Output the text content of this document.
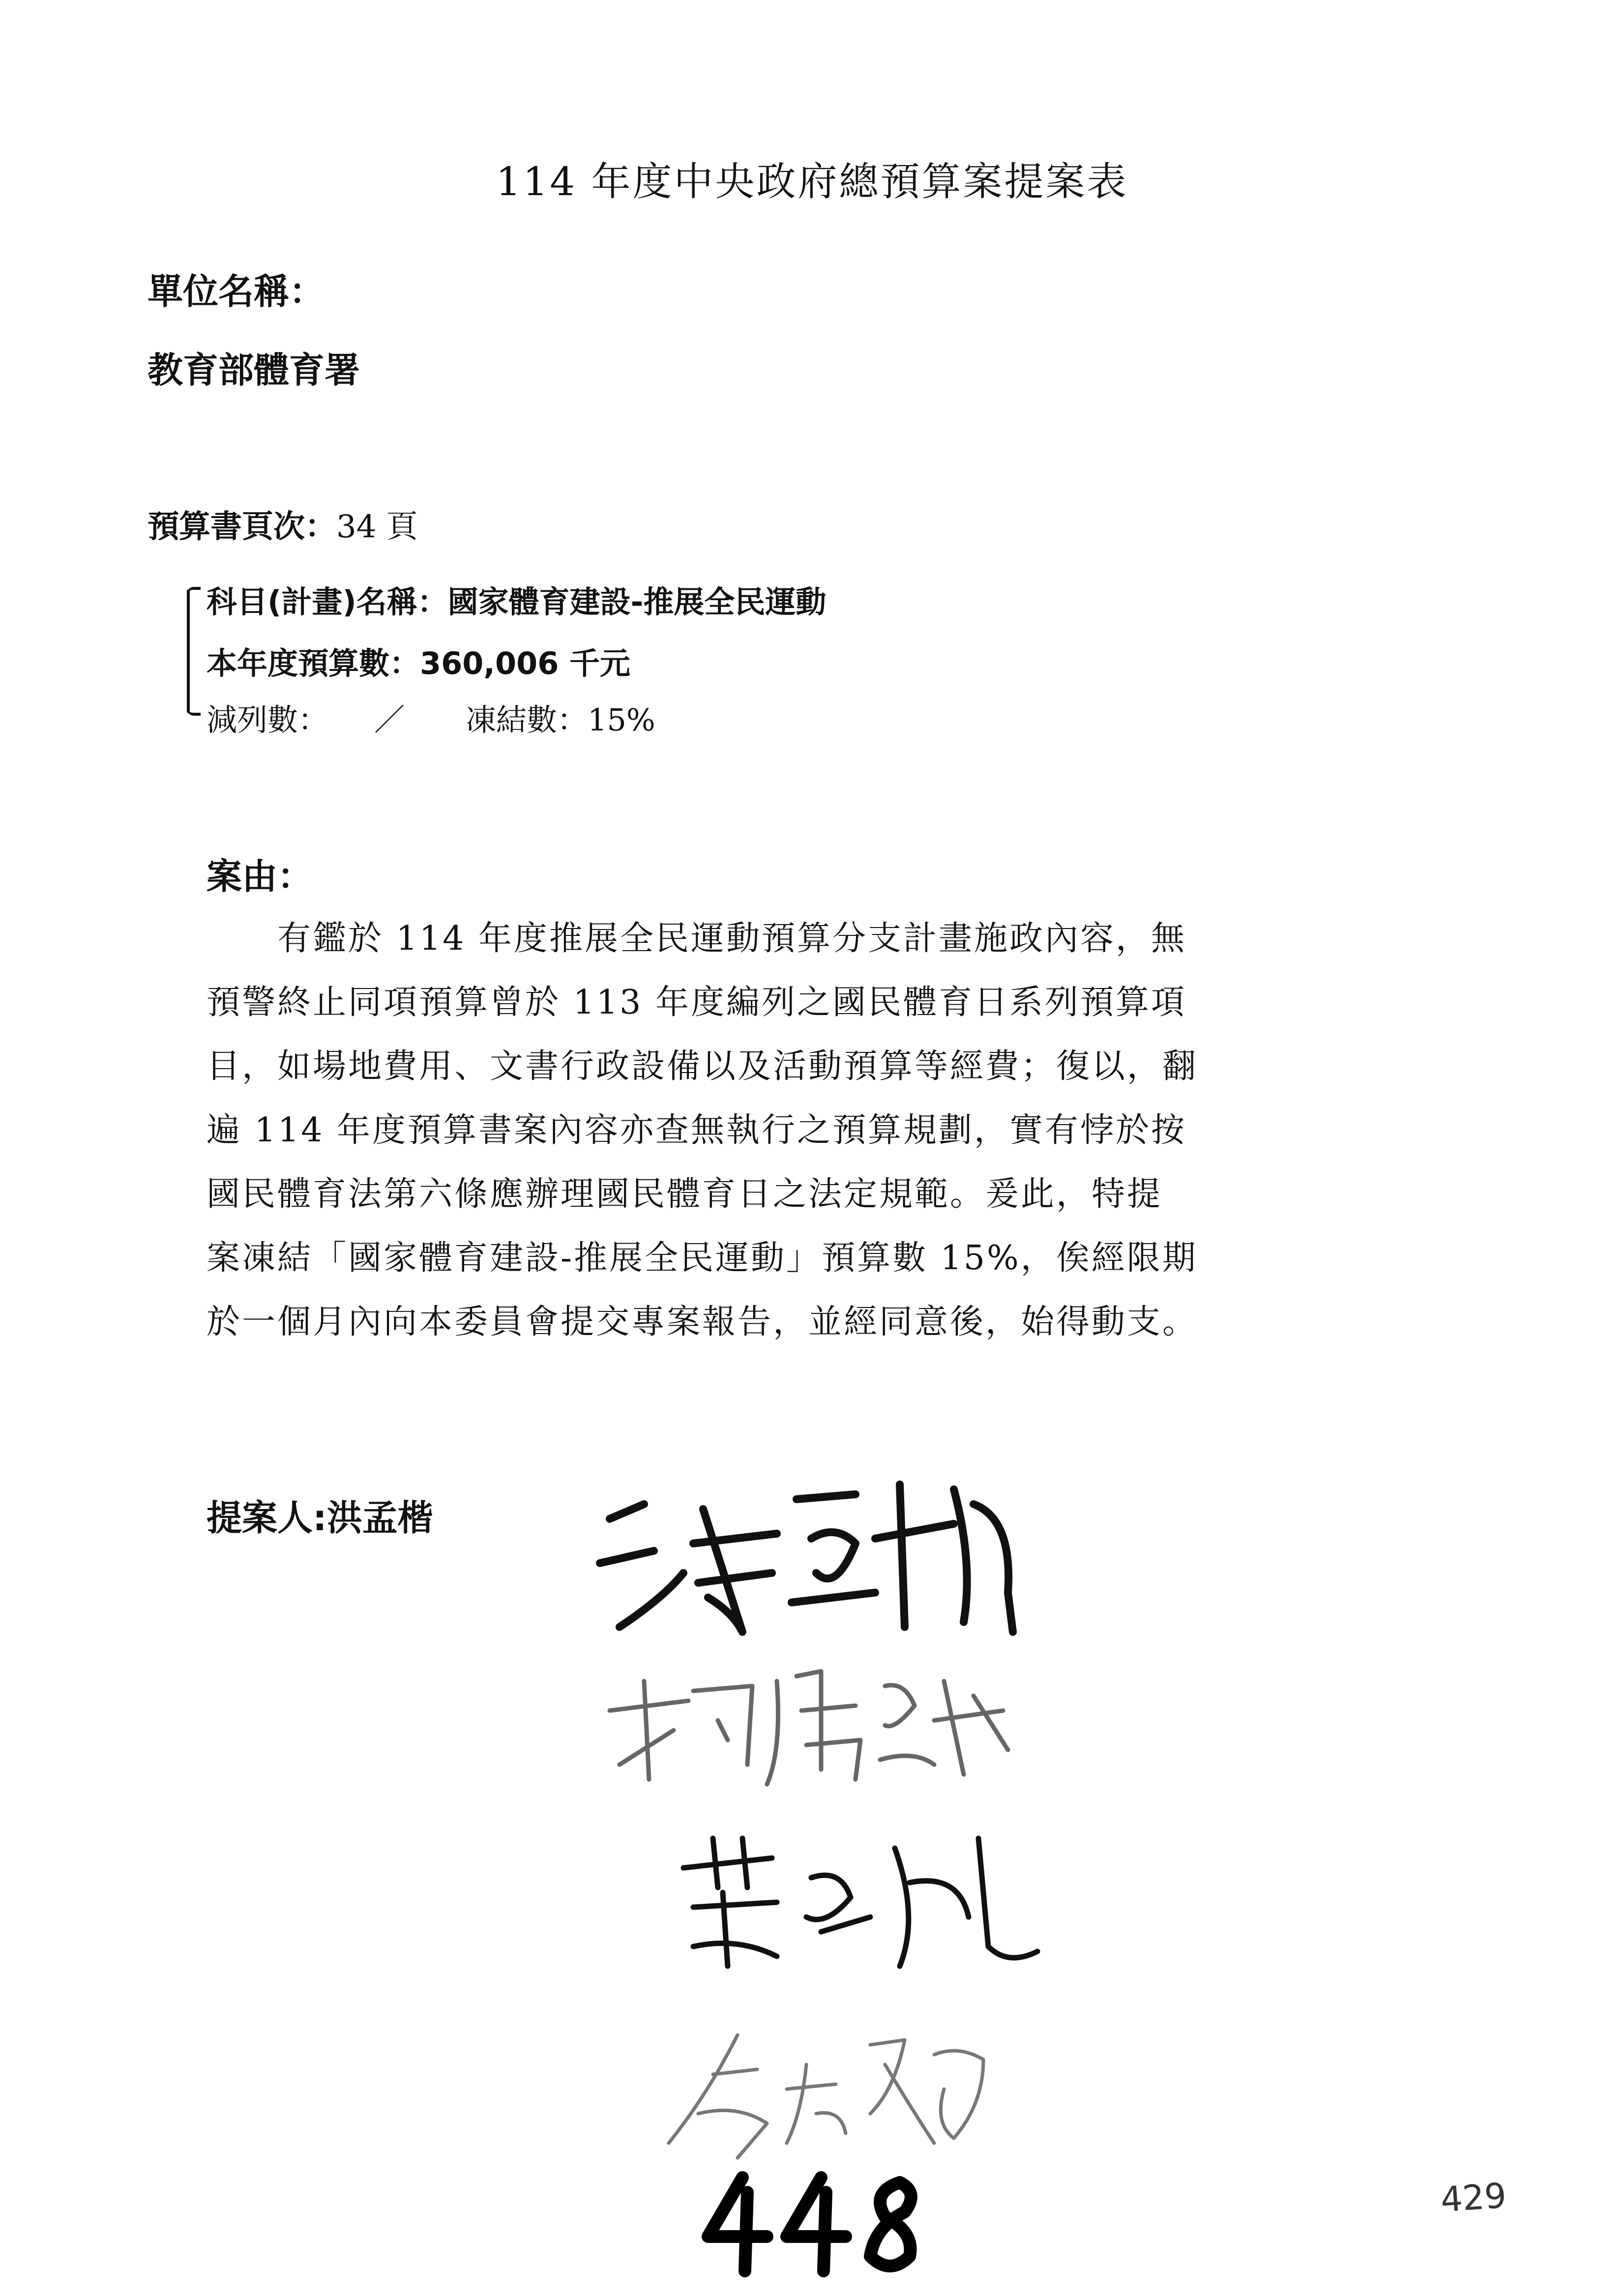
114 年度中央政府總預算案提案表
單位名稱：
教育部體育署
預算書頁次：34 頁
科目(計畫)名稱：國家體育建設-推展全民運動
本年度預算數：360,006 千元
減列數：　　／　　凍結數：15%
案由：
　　有鑑於 114 年度推展全民運動預算分支計畫施政內容，無
預警終止同項預算曾於 113 年度編列之國民體育日系列預算項
目，如場地費用、文書行政設備以及活動預算等經費；復以，翻
遍 114 年度預算書案內容亦查無執行之預算規劃，實有悖於按
國民體育法第六條應辦理國民體育日之法定規範。爰此，特提
案凍結「國家體育建設-推展全民運動」預算數 15%，俟經限期
於一個月內向本委員會提交專案報告，並經同意後，始得動支。
提案人:洪孟楷
429
